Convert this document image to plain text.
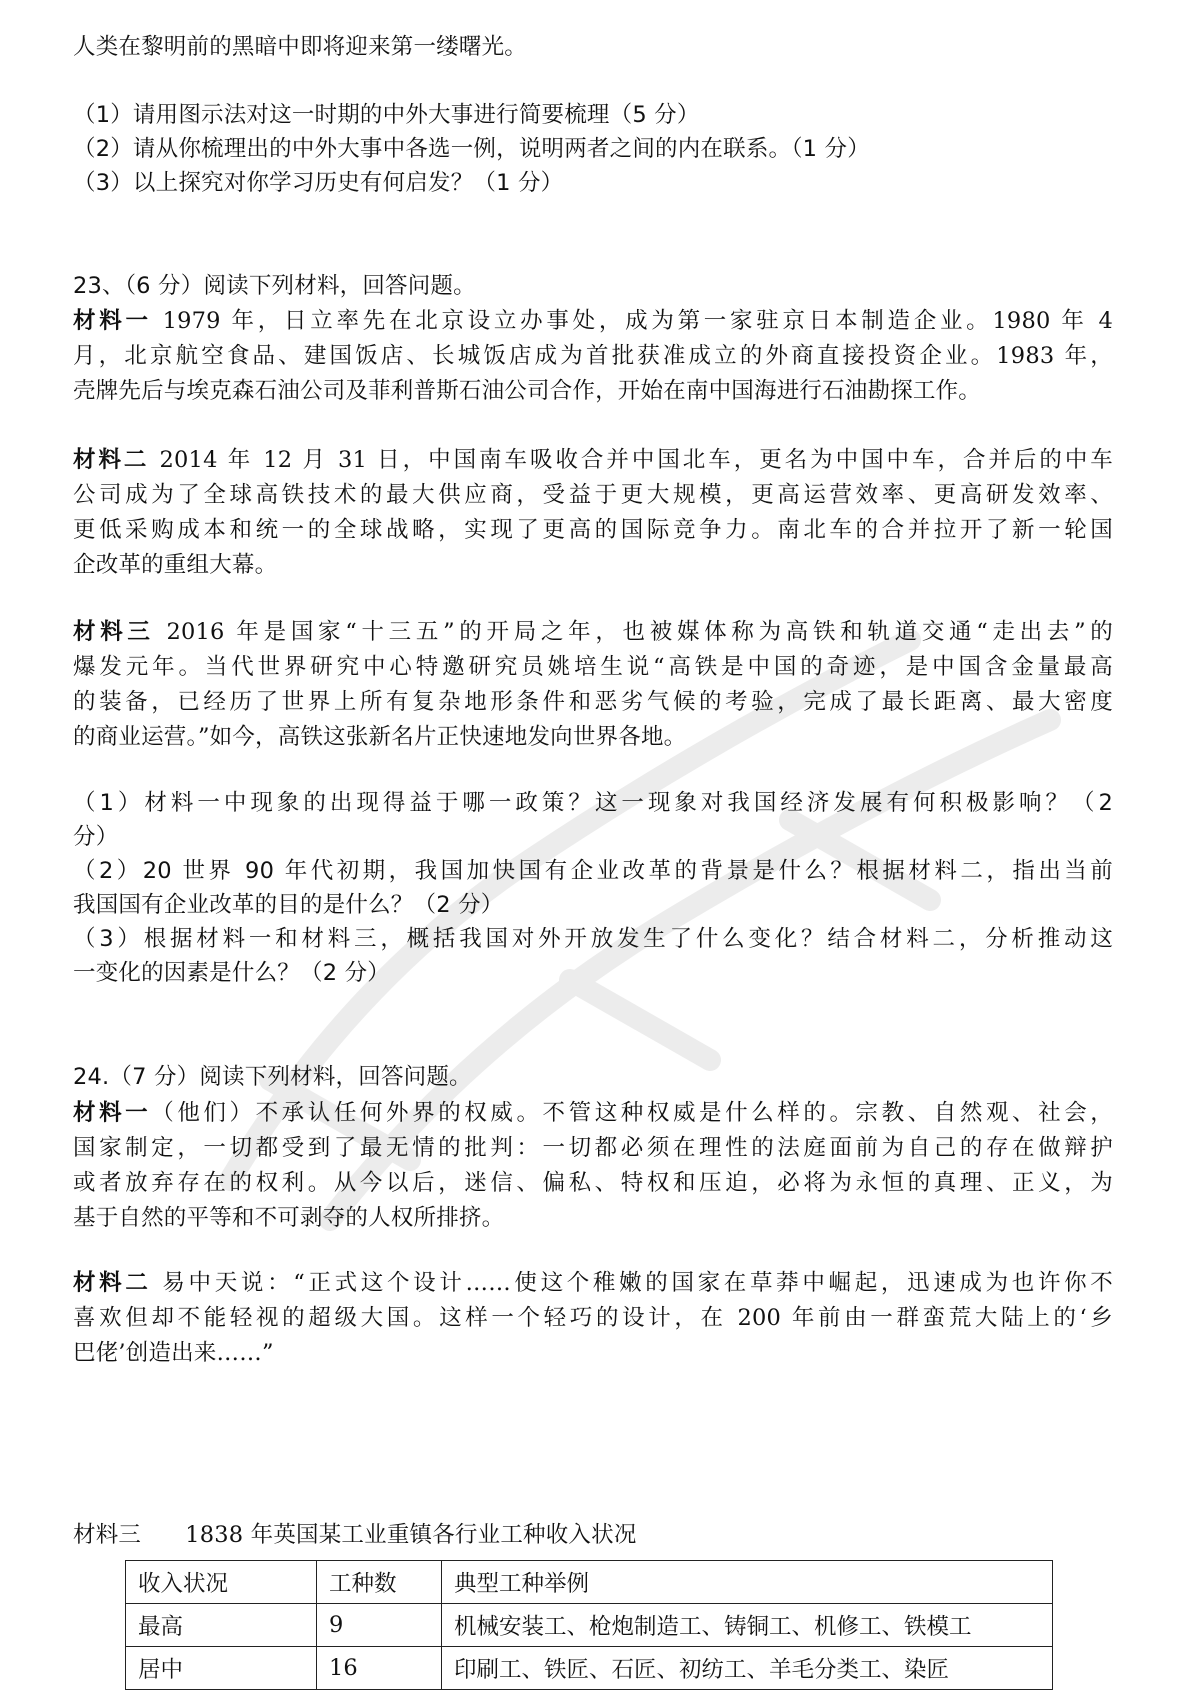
人类在黎明前的黑暗中即将迎来第一缕曙光。
（1）请用图示法对这一时期的中外大事进行简要梳理（5 分）
（2）请从你梳理出的中外大事中各选一例，说明两者之间的内在联系。（1 分）
（3）以上探究对你学习历史有何启发？（1 分）
23、（6 分）阅读下列材料，回答问题。
材料一 1979 年，日立率先在北京设立办事处，成为第一家驻京日本制造企业。1980 年 4
月，北京航空食品、建国饭店、长城饭店成为首批获准成立的外商直接投资企业。1983 年，
壳牌先后与埃克森石油公司及菲利普斯石油公司合作，开始在南中国海进行石油勘探工作。
材料二 2014 年 12 月 31 日，中国南车吸收合并中国北车，更名为中国中车，合并后的中车
公司成为了全球高铁技术的最大供应商，受益于更大规模，更高运营效率、更高研发效率、
更低采购成本和统一的全球战略，实现了更高的国际竞争力。南北车的合并拉开了新一轮国
企改革的重组大幕。
材料三 2016 年是国家“十三五”的开局之年，也被媒体称为高铁和轨道交通“走出去”的
爆发元年。当代世界研究中心特邀研究员姚培生说“高铁是中国的奇迹，是中国含金量最高
的装备，已经历了世界上所有复杂地形条件和恶劣气候的考验，完成了最长距离、最大密度
的商业运营。”如今，高铁这张新名片正快速地发向世界各地。
（1）材料一中现象的出现得益于哪一政策？这一现象对我国经济发展有何积极影响？（2
分）
（2）20 世界 90 年代初期，我国加快国有企业改革的背景是什么？根据材料二，指出当前
我国国有企业改革的目的是什么？（2 分）
（3）根据材料一和材料三，概括我国对外开放发生了什么变化？结合材料二，分析推动这
一变化的因素是什么？（2 分）
24.（7 分）阅读下列材料，回答问题。
材料一（他们）不承认任何外界的权威。不管这种权威是什么样的。宗教、自然观、社会，
国家制定，一切都受到了最无情的批判：一切都必须在理性的法庭面前为自己的存在做辩护
或者放弃存在的权利。从今以后，迷信、偏私、特权和压迫，必将为永恒的真理、正义，为
基于自然的平等和不可剥夺的人权所排挤。
材料二 易中天说：“正式这个设计……使这个稚嫩的国家在草莽中崛起，迅速成为也许你不
喜欢但却不能轻视的超级大国。这样一个轻巧的设计，在 200 年前由一群蛮荒大陆上的‘乡
巴佬’创造出来……”
材料三      1838 年英国某工业重镇各行业工种收入状况
收入状况	工种数	典型工种举例
最高	9	机械安装工、枪炮制造工、铸铜工、机修工、铁模工
居中	16	印刷工、铁匠、石匠、初纺工、羊毛分类工、染匠
